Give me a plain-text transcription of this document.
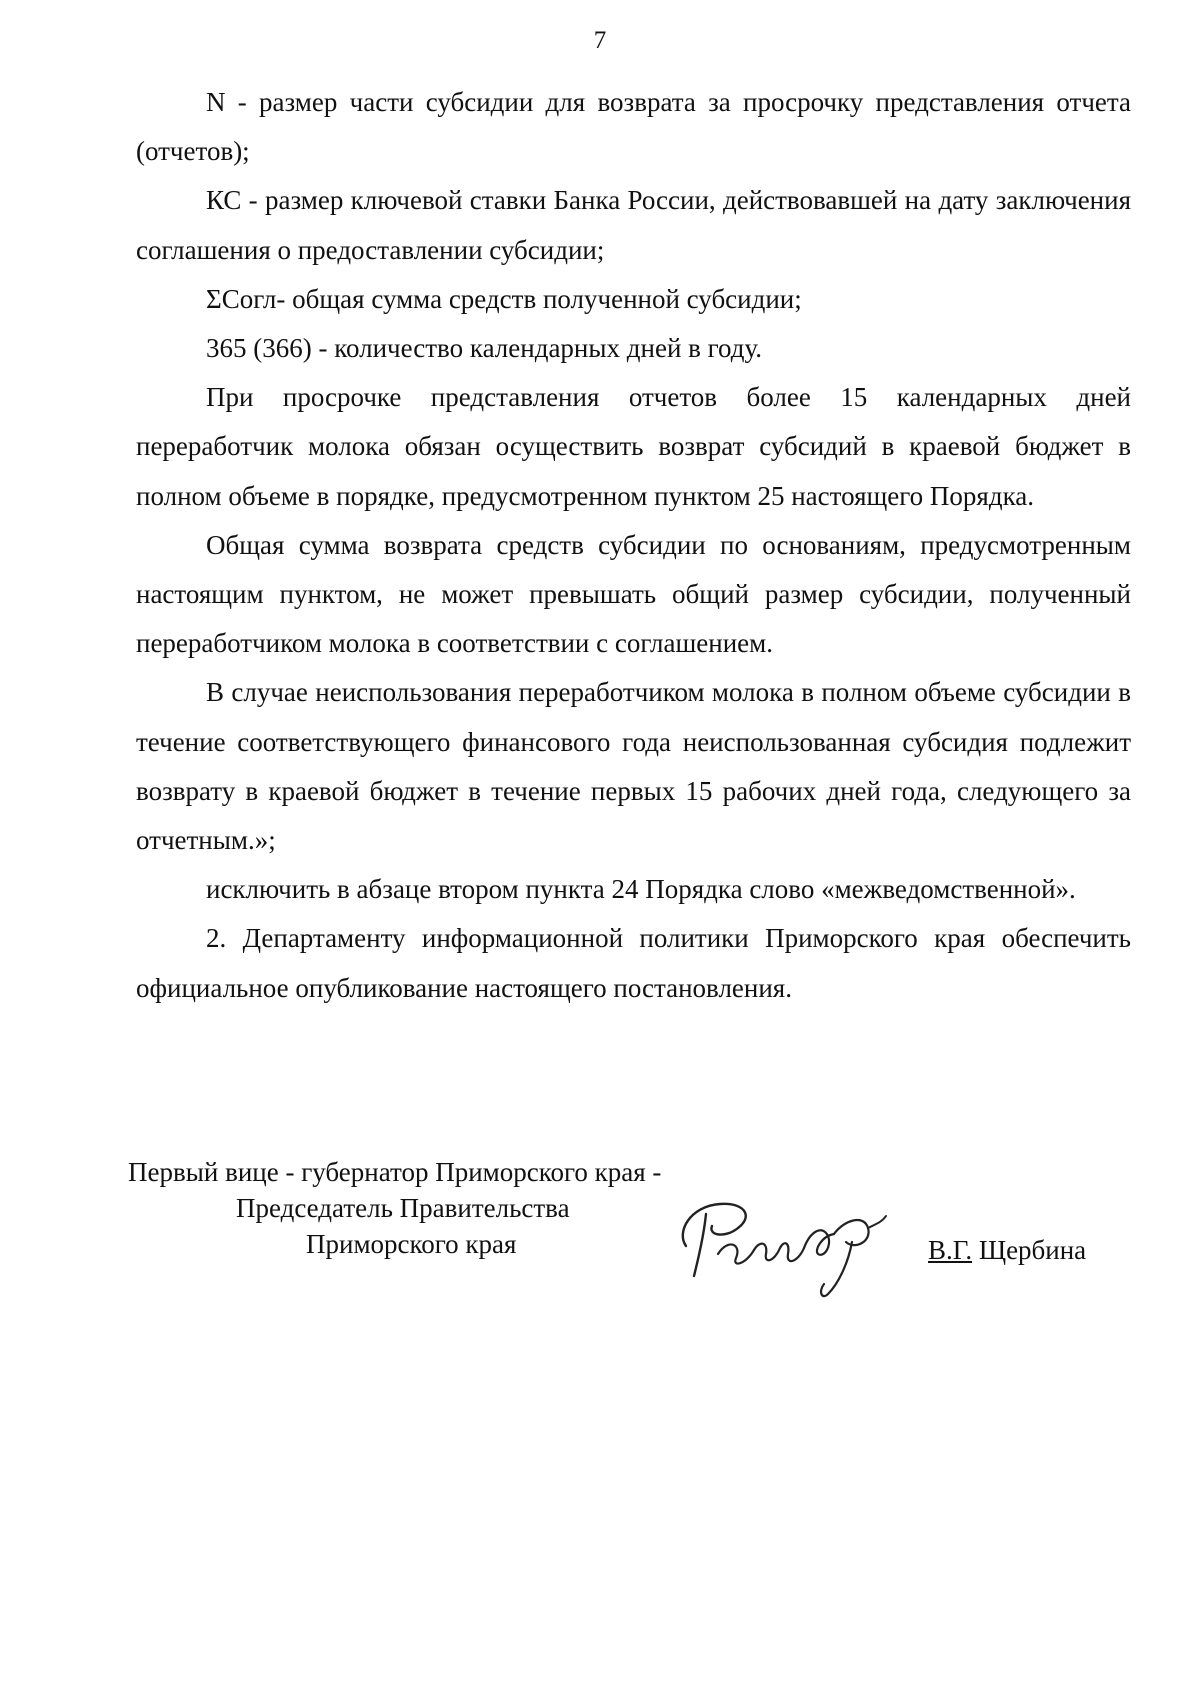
7

N - размер части субсидии для возврата за просрочку представления отчета (отчетов);

КС - размер ключевой ставки Банка России, действовавшей на дату заключения соглашения о предоставлении субсидии;

ΣСогл- общая сумма средств полученной субсидии;

365 (366) - количество календарных дней в году.

При просрочке представления отчетов более 15 календарных дней переработчик молока обязан осуществить возврат субсидий в краевой бюджет в полном объеме в порядке, предусмотренном пунктом 25 настоящего Порядка.

Общая сумма возврата средств субсидии по основаниям, предусмотренным настоящим пунктом, не может превышать общий размер субсидии, полученный переработчиком молока в соответствии с соглашением.

В случае неиспользования переработчиком молока в полном объеме субсидии в течение соответствующего финансового года неиспользованная субсидия подлежит возврату в краевой бюджет в течение первых 15 рабочих дней года, следующего за отчетным.»;

исключить в абзаце втором пункта 24 Порядка слово «межведомственной».

2. Департаменту информационной политики Приморского края обеспечить официальное опубликование настоящего постановления.

Первый вице - губернатор Приморского края -
Председатель Правительства
Приморского края	В.Г. Щербина
